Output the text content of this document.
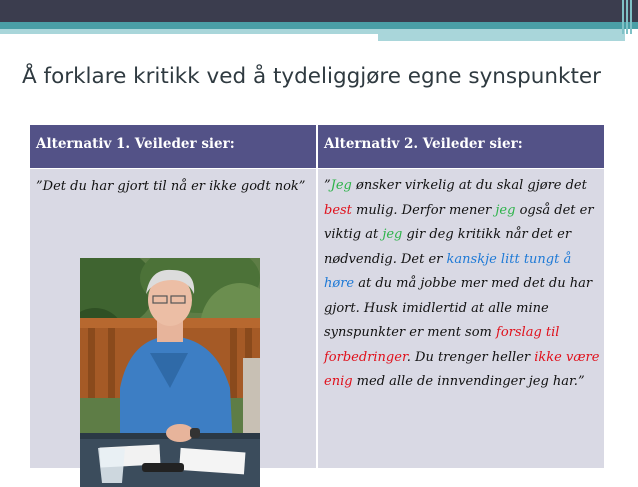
Å forklare kritikk ved å tydeliggjøre egne synspunkter
Alternativ 1. Veileder sier:	Alternativ 2. Veileder sier:
”Det du har gjort til nå er ikke godt nok”	”Jeg ønsker virkelig at du skal gjøre det best mulig. Derfor mener jeg også det er viktig at jeg gir deg kritikk når det er nødvendig. Det er kanskje litt tungt å høre at du må jobbe mer med det du har gjort. Husk imidlertid at alle mine synspunkter er ment som forslag til forbedringer. Du trenger heller ikke være enig med alle de innvendinger jeg har.”
